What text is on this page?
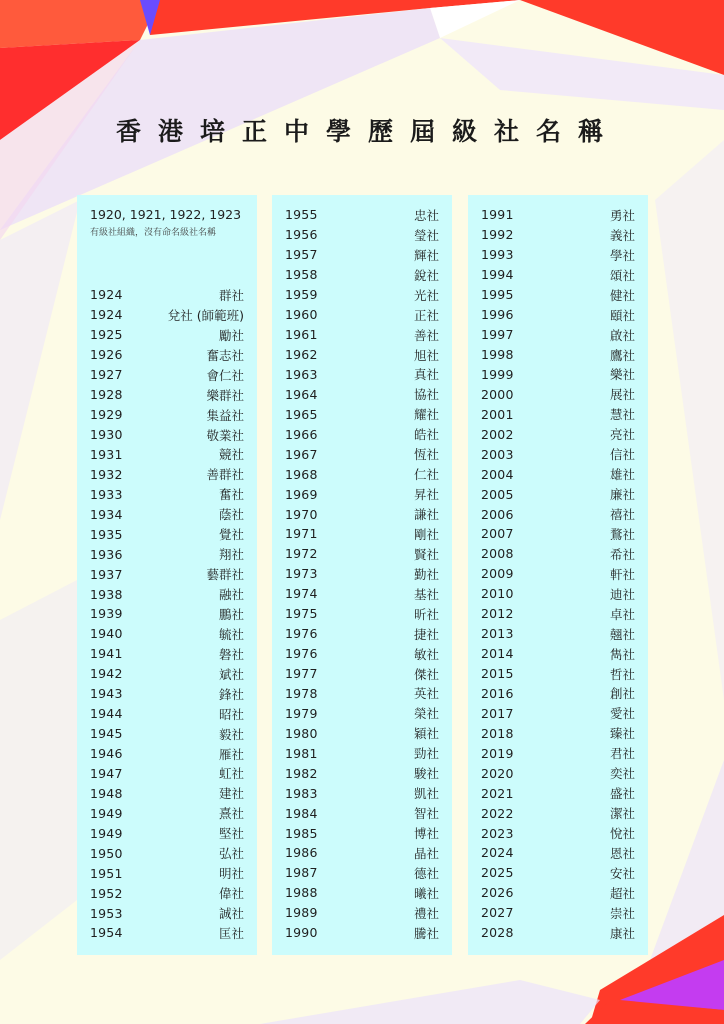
香港培正中學歷屆級社名稱
1920, 1921, 1922, 1923
有級社組織，沒有命名級社名稱
1924	群社
1924	兌社 (師範班)
1925	勵社
1926	奮志社
1927	會仁社
1928	樂群社
1929	集益社
1930	敬業社
1931	競社
1932	善群社
1933	奮社
1934	蔭社
1935	覺社
1936	翔社
1937	藝群社
1938	融社
1939	鵬社
1940	毓社
1941	磐社
1942	斌社
1943	鋒社
1944	昭社
1945	毅社
1946	雁社
1947	虹社
1948	建社
1949	熹社
1949	堅社
1950	弘社
1951	明社
1952	偉社
1953	誠社
1954	匡社
1955	忠社
1956	瑩社
1957	輝社
1958	銳社
1959	光社
1960	正社
1961	善社
1962	旭社
1963	真社
1964	協社
1965	耀社
1966	皓社
1967	恆社
1968	仁社
1969	昇社
1970	謙社
1971	剛社
1972	賢社
1973	勤社
1974	基社
1975	昕社
1976	捷社
1976	敏社
1977	傑社
1978	英社
1979	榮社
1980	穎社
1981	勁社
1982	駿社
1983	凱社
1984	智社
1985	博社
1986	晶社
1987	德社
1988	曦社
1989	禮社
1990	騰社
1991	勇社
1992	義社
1993	學社
1994	頌社
1995	健社
1996	頤社
1997	啟社
1998	鷹社
1999	樂社
2000	展社
2001	慧社
2002	亮社
2003	信社
2004	雄社
2005	廉社
2006	禧社
2007	鶩社
2008	希社
2009	軒社
2010	迪社
2012	卓社
2013	翹社
2014	雋社
2015	哲社
2016	創社
2017	愛社
2018	臻社
2019	君社
2020	奕社
2021	盛社
2022	潔社
2023	悅社
2024	恩社
2025	安社
2026	超社
2027	崇社
2028	康社
